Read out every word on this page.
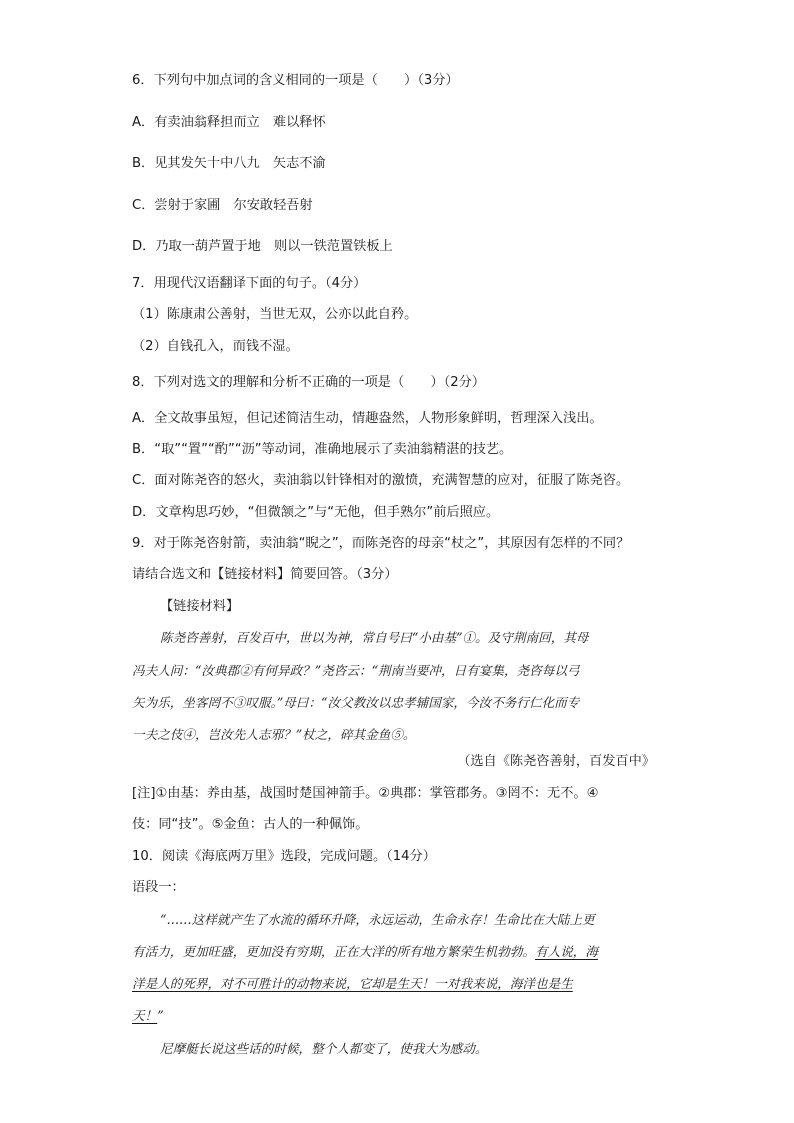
6．下列句中加点词的含义相同的一项是（　　）（3分）
A．有卖油翁释担而立　难以释怀
B．见其发矢十中八九　矢志不渝
C．尝射于家圃　尔安敢轻吾射
D．乃取一葫芦置于地　则以一铁范置铁板上
7．用现代汉语翻译下面的句子。（4分）
（1）陈康肃公善射，当世无双，公亦以此自矜。
（2）自钱孔入，而钱不湿。
8．下列对选文的理解和分析不正确的一项是（　　）（2分）
A．全文故事虽短，但记述简洁生动，情趣盎然，人物形象鲜明，哲理深入浅出。
B．“取”“置”“酌”“沥”等动词，准确地展示了卖油翁精湛的技艺。
C．面对陈尧咨的怒火，卖油翁以针锋相对的激愤，充满智慧的应对，征服了陈尧咨。
D．文章构思巧妙，“但微颔之”与“无他，但手熟尔”前后照应。
9．对于陈尧咨射箭，卖油翁“睨之”，而陈尧咨的母亲“杖之”，其原因有怎样的不同？
请结合选文和【链接材料】简要回答。（3分）
【链接材料】
陈尧咨善射，百发百中，世以为神，常自号曰“小由基”①。及守荆南回，其母
冯夫人问：“汝典郡②有何异政？”尧咨云：“荆南当要冲，日有宴集，尧咨每以弓
矢为乐，坐客罔不③叹服。”母曰：“汝父教汝以忠孝辅国家，今汝不务行仁化而专
一夫之伎④，岂汝先人志邪？”杖之，碎其金鱼⑤。
（选自《陈尧咨善射，百发百中》
[注]①由基：养由基，战国时楚国神箭手。②典郡：掌管郡务。③罔不：无不。④
伎：同“技”。⑤金鱼：古人的一种佩饰。
10．阅读《海底两万里》选段，完成问题。（14分）
语段一：
“……这样就产生了水流的循环升降，永远运动，生命永存！生命比在大陆上更
有活力，更加旺盛，更加没有穷期，正在大洋的所有地方繁荣生机勃勃。有人说，海
洋是人的死界，对不可胜计的动物来说，它却是生天！一对我来说，海洋也是生
天！”
尼摩艇长说这些话的时候，整个人都变了，使我大为感动。
